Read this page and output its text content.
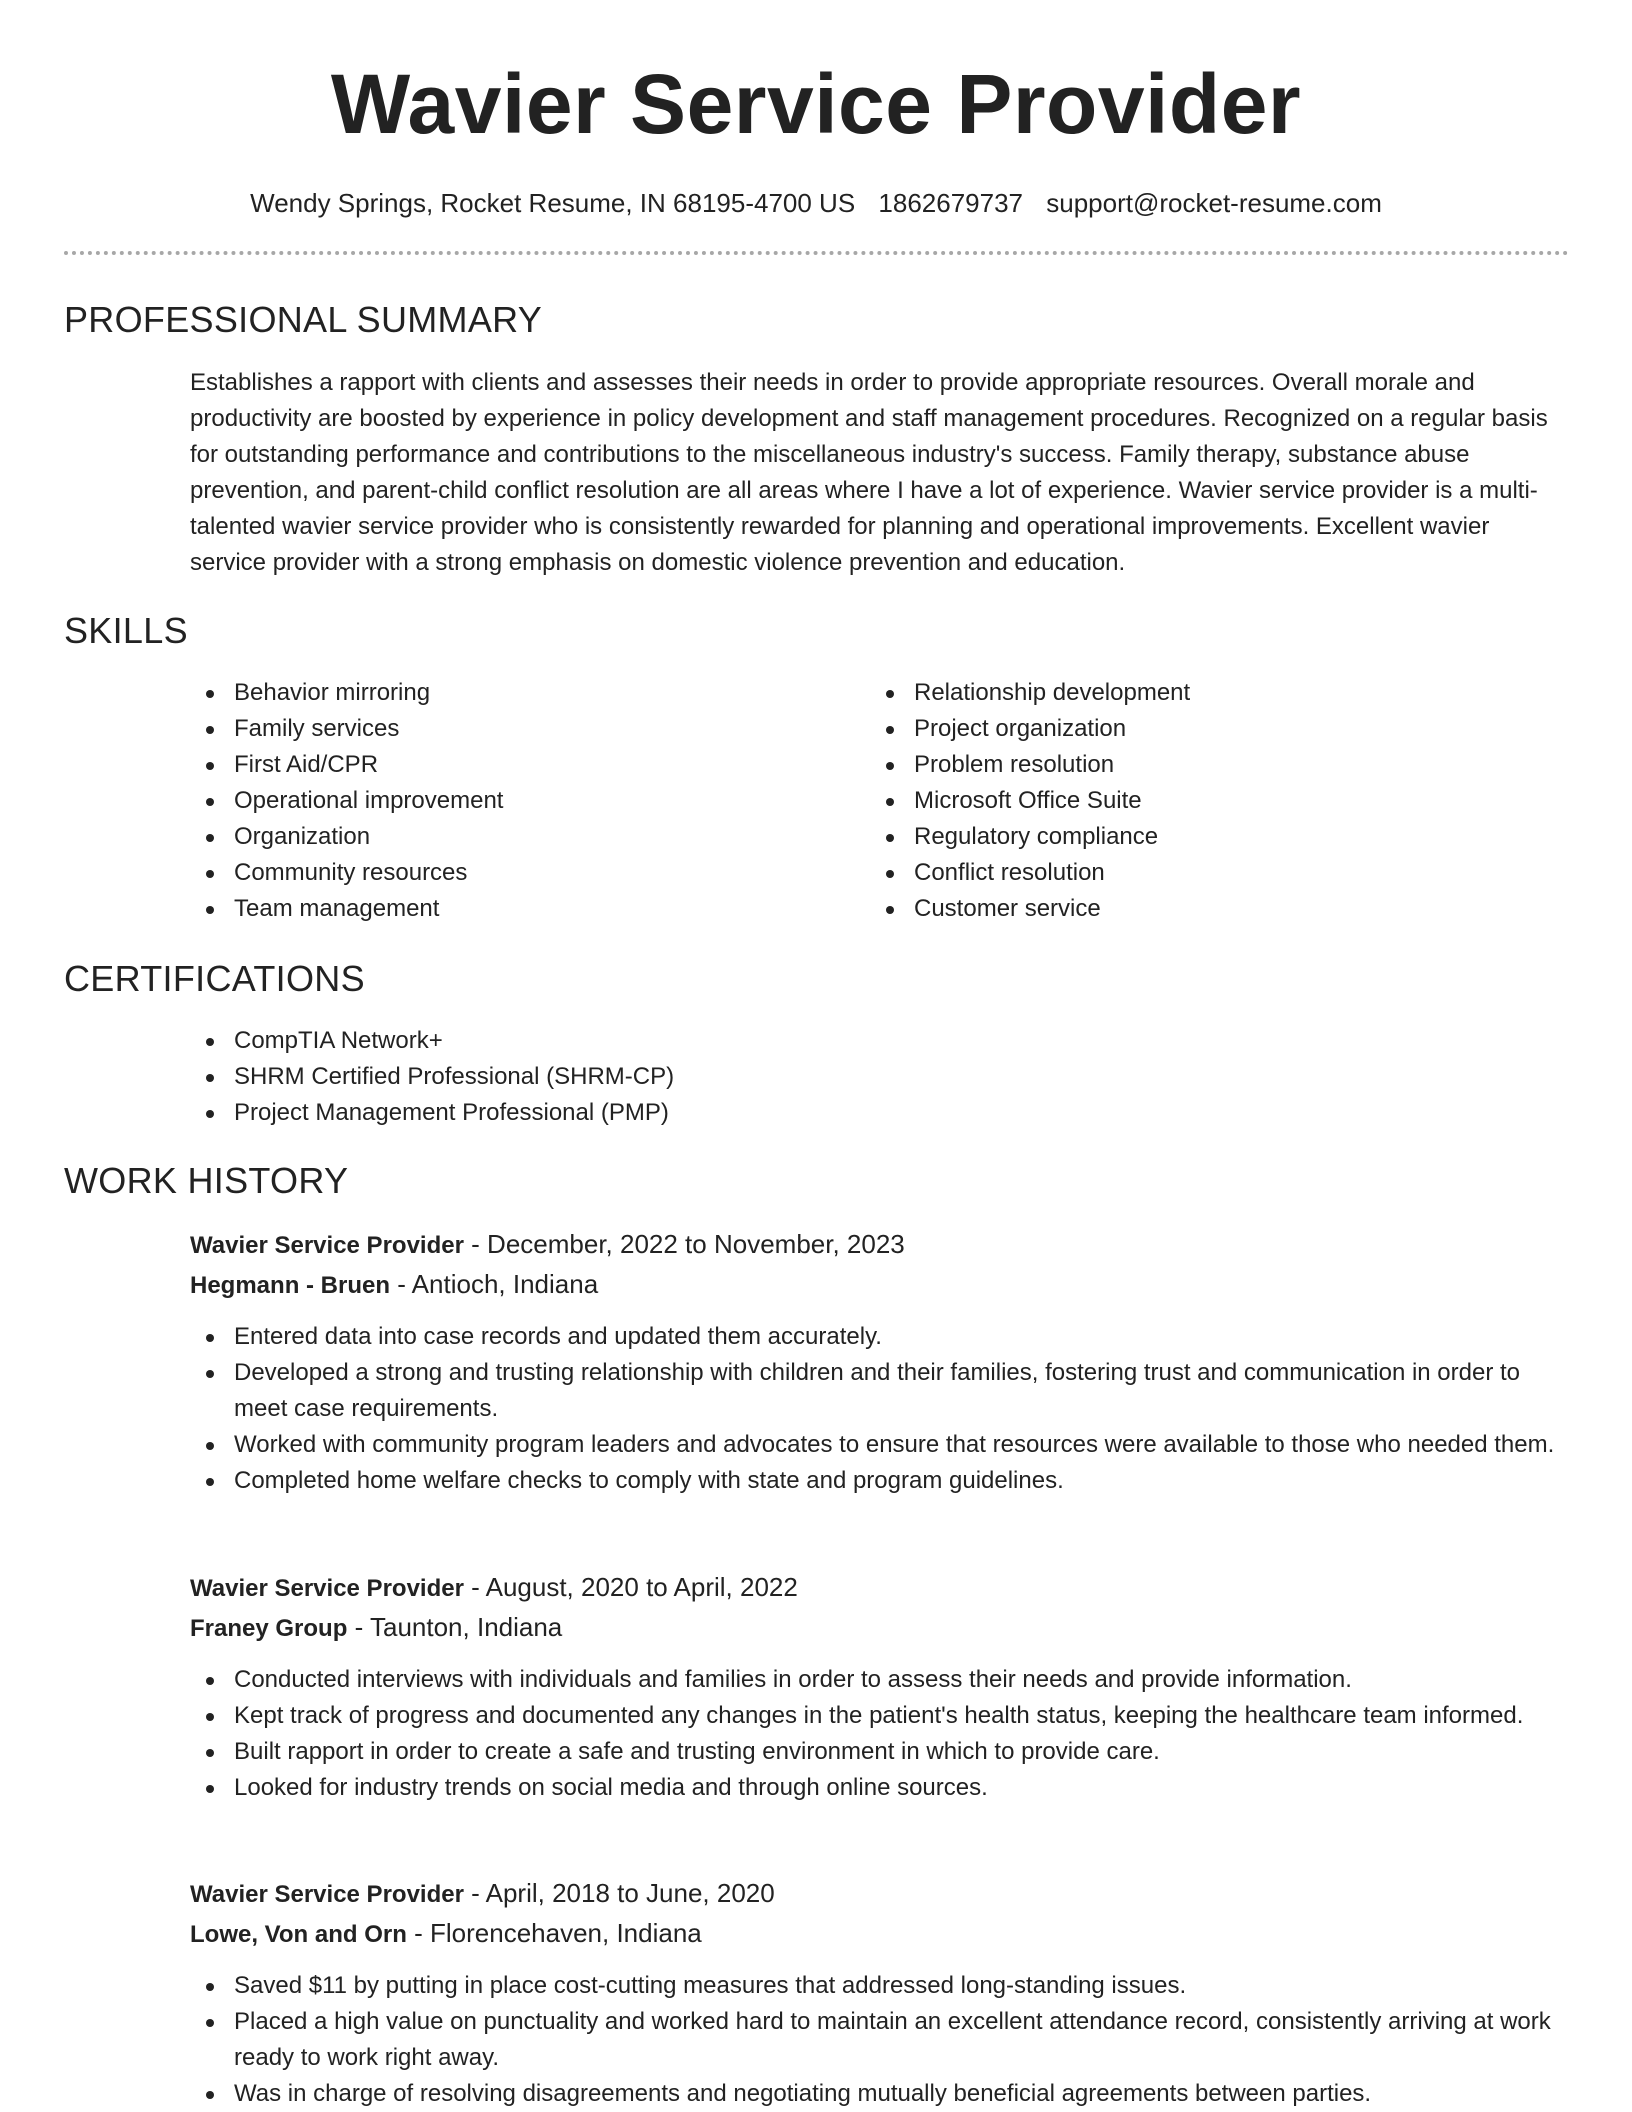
Wavier Service Provider
Wendy Springs, Rocket Resume, IN 68195-4700 US 1862679737 support@rocket-resume.com
PROFESSIONAL SUMMARY

Establishes a rapport with clients and assesses their needs in order to provide appropriate resources. Overall morale and productivity are boosted by experience in policy development and staff management procedures. Recognized on a regular basis for outstanding performance and contributions to the miscellaneous industry's success. Family therapy, substance abuse prevention, and parent-child conflict resolution are all areas where I have a lot of experience. Wavier service provider is a multi-talented wavier service provider who is consistently rewarded for planning and operational improvements. Excellent wavier service provider with a strong emphasis on domestic violence prevention and education.

SKILLS
Behavior mirroring
Family services
First Aid/CPR
Operational improvement
Organization
Community resources
Team management
Relationship development
Project organization
Problem resolution
Microsoft Office Suite
Regulatory compliance
Conflict resolution
Customer service
CERTIFICATIONS
CompTIA Network+
SHRM Certified Professional (SHRM-CP)
Project Management Professional (PMP)
WORK HISTORY
Wavier Service Provider - December, 2022 to November, 2023
Hegmann - Bruen - Antioch, Indiana
Entered data into case records and updated them accurately.
Developed a strong and trusting relationship with children and their families, fostering trust and communication in order to meet case requirements.
Worked with community program leaders and advocates to ensure that resources were available to those who needed them.
Completed home welfare checks to comply with state and program guidelines.
Wavier Service Provider - August, 2020 to April, 2022
Franey Group - Taunton, Indiana
Conducted interviews with individuals and families in order to assess their needs and provide information.
Kept track of progress and documented any changes in the patient's health status, keeping the healthcare team informed.
Built rapport in order to create a safe and trusting environment in which to provide care.
Looked for industry trends on social media and through online sources.
Wavier Service Provider - April, 2018 to June, 2020
Lowe, Von and Orn - Florencehaven, Indiana
Saved $11 by putting in place cost-cutting measures that addressed long-standing issues.
Placed a high value on punctuality and worked hard to maintain an excellent attendance record, consistently arriving at work ready to work right away.
Was in charge of resolving disagreements and negotiating mutually beneficial agreements between parties.
